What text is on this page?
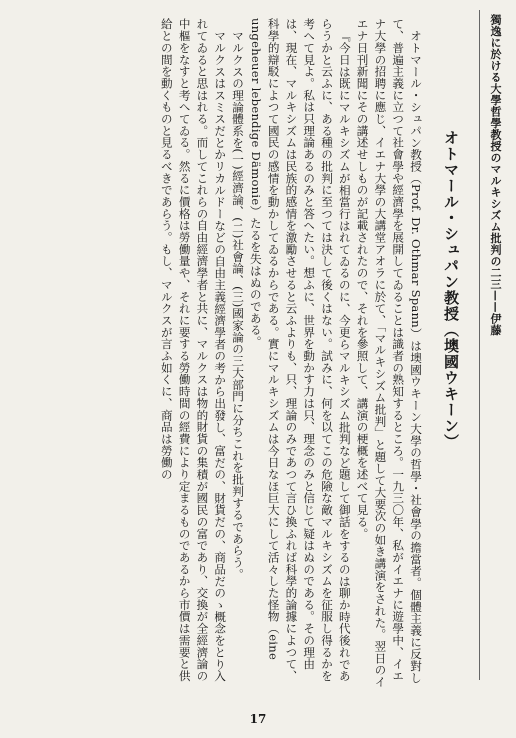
獨逸に於ける大學哲學教授のマルキシズム批判の二三——伊藤
オトマール・シュパン教授（墺國ウキーン）

オトマール・シュパン教授（Prof. Dr. Othmar Spann）は墺國ウキーン大學の哲學・社會學の擔當者。個體主義に反對して、普遍主義に立つて社會學や經濟學を展開してゐることは識者の熟知するところ。一九三〇年、私がイエナに遊學中、イエナ大學の招聘に應じ、イエナ大學の大講堂アオラに於て、「マルキシズム批判」と題して大要次の如き講演をされた。翌日のイエナ日刊新聞にその講述せしものが記載されたので、それを參照して、講演の梗概を述べて見る。

『今日は既にマルキシズムが相當行はれてゐるのに、今更らマルキシズム批判など題して御話をするのは聊か時代後れであらうかと云ふに、ある種の批判に至つては決して後くはない。試みに、何を以てこの危險な敵マルキシズムを征服し得るかを考へて見よ。私は只理論あるのみと答へたい。想ふに、世界を動かす力は只、理念のみと信じて疑はぬのである。その理由は、現在、マルキシズムは民族的感情を激勵させると云ふよりも、只、理論のみであつて言ひ換ふれば科學的論據によつて、科學的辯駁によつて國民の感情を動かしてゐるからである。實にマルキシズムは今日なほ巨大にして活々した怪物（eine ungeheuer lebendige Dämonie）たるを失はぬのである。

マルクスの理論體系を(一)經濟論、(二)社會論、(三)國家論の三大部門に分ちこれを批判するであらう。

マルクスはスミスだとかリカルドーなどの自由主義經濟學者の考から出發し、富だの、財貨だの、商品だのゝ概念をとり入れてゐると思はれる。而してこれらの自由經濟學者と共に、マルクスは物的財貨の集積が國民の富であり、交換が全經濟論の中樞をなすと考へてゐる。然るに價格は勞働量や、それに要する勞働時間の經費により定まるものであるから市價は需要と供給との間を動くものと見るべきであらう。もし、マルクスが言ふ如くに、商品は勞働の

17
